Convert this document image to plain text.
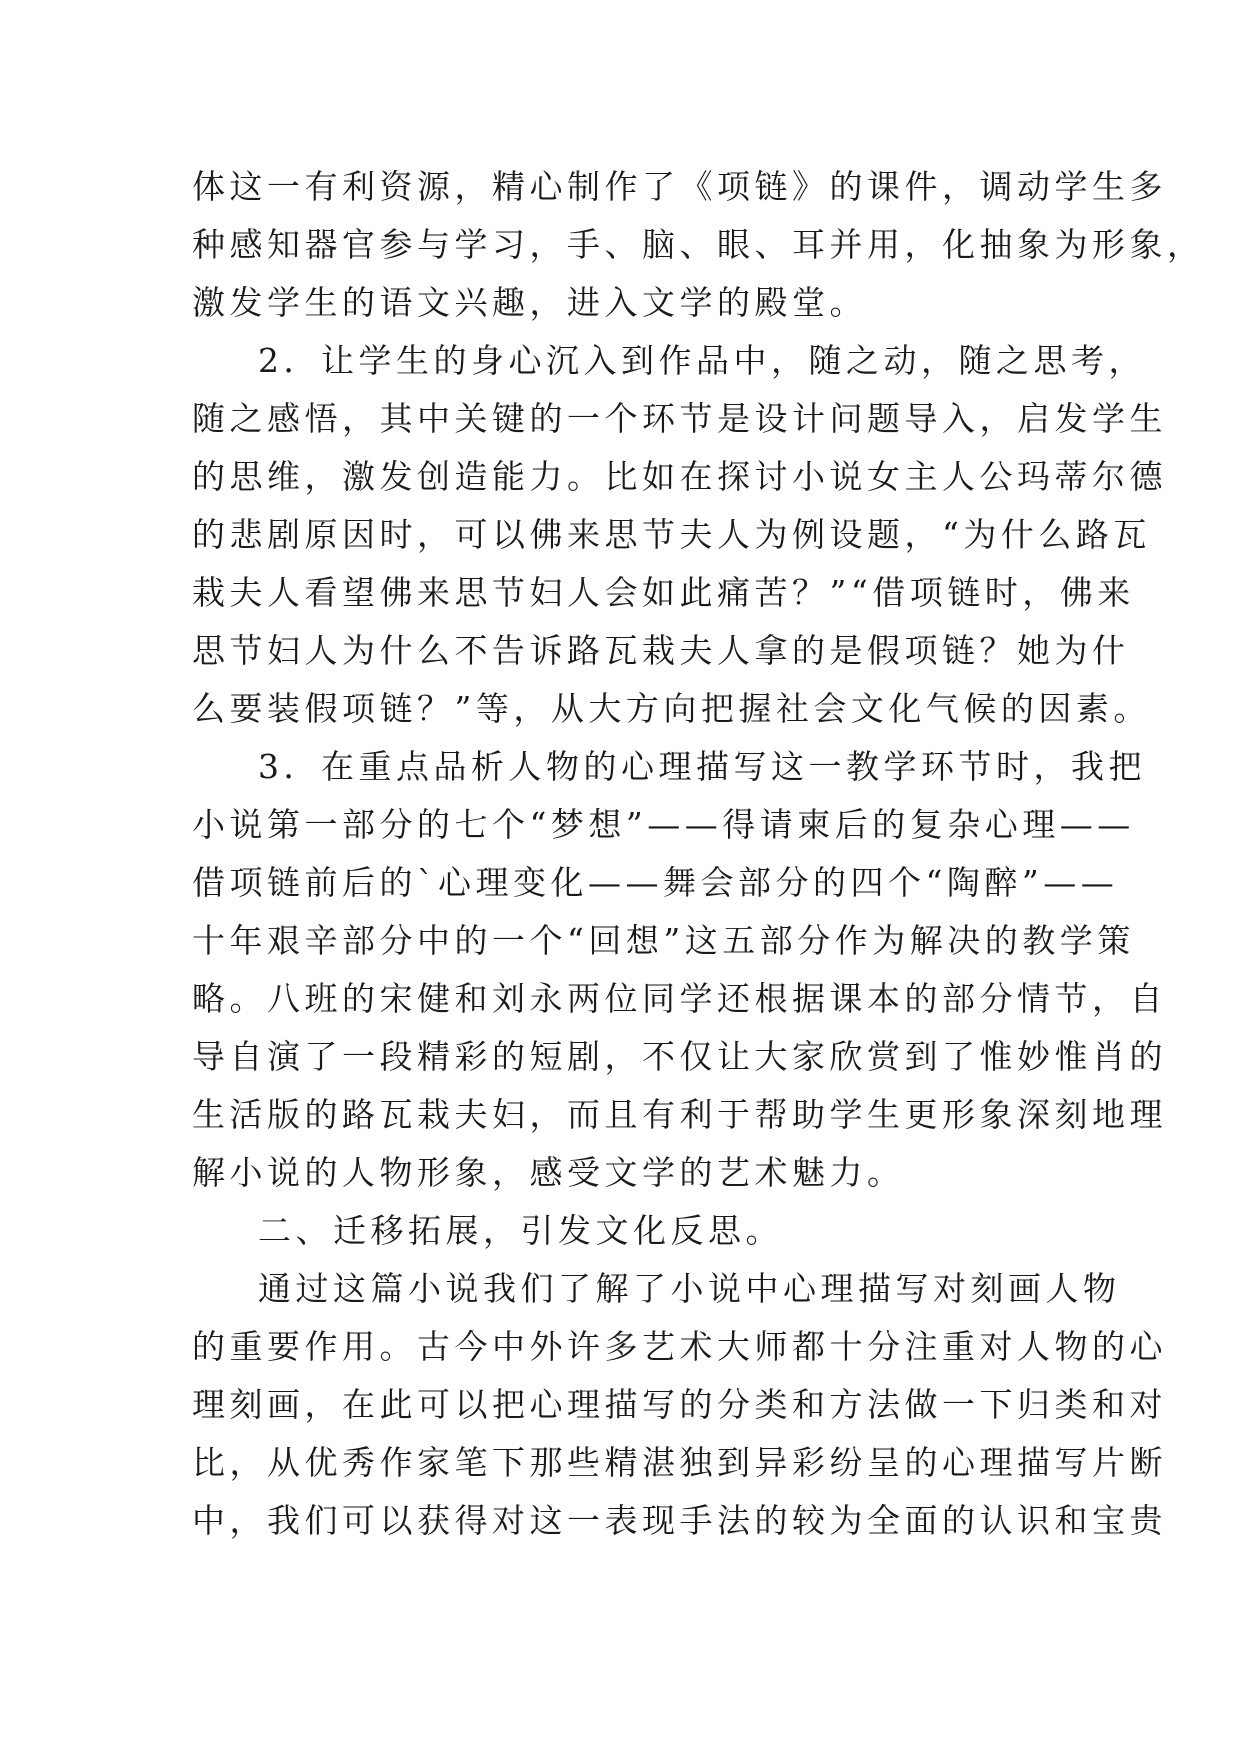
体这一有利资源，精心制作了《项链》的课件，调动学生多
种感知器官参与学习，手、脑、眼、耳并用，化抽象为形象，
激发学生的语文兴趣，进入文学的殿堂。
2．让学生的身心沉入到作品中，随之动，随之思考，
随之感悟，其中关键的一个环节是设计问题导入，启发学生
的思维，激发创造能力。比如在探讨小说女主人公玛蒂尔德
的悲剧原因时，可以佛来思节夫人为例设题，“为什么路瓦
栽夫人看望佛来思节妇人会如此痛苦？”“借项链时，佛来
思节妇人为什么不告诉路瓦栽夫人拿的是假项链？她为什
么要装假项链？”等，从大方向把握社会文化气候的因素。
3．在重点品析人物的心理描写这一教学环节时，我把
小说第一部分的七个“梦想”——得请柬后的复杂心理——
借项链前后的`心理变化——舞会部分的四个“陶醉”——
十年艰辛部分中的一个“回想”这五部分作为解决的教学策
略。八班的宋健和刘永两位同学还根据课本的部分情节，自
导自演了一段精彩的短剧，不仅让大家欣赏到了惟妙惟肖的
生活版的路瓦栽夫妇，而且有利于帮助学生更形象深刻地理
解小说的人物形象，感受文学的艺术魅力。
二、迁移拓展，引发文化反思。
通过这篇小说我们了解了小说中心理描写对刻画人物
的重要作用。古今中外许多艺术大师都十分注重对人物的心
理刻画，在此可以把心理描写的分类和方法做一下归类和对
比，从优秀作家笔下那些精湛独到异彩纷呈的心理描写片断
中，我们可以获得对这一表现手法的较为全面的认识和宝贵
